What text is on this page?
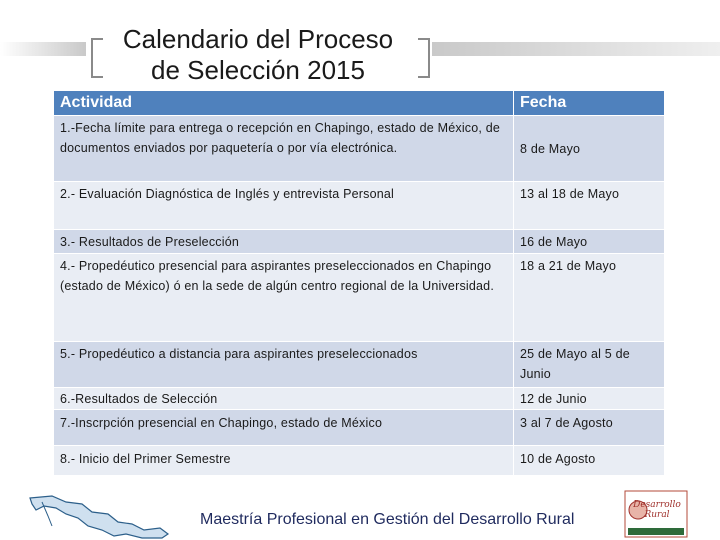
Calendario del Proceso
de Selección 2015
Actividad	Fecha
1.-Fecha límite para entrega o recepción en Chapingo, estado de México, de documentos enviados por paquetería o por vía electrónica.	8 de Mayo
2.- Evaluación Diagnóstica de Inglés y entrevista Personal	13 al 18 de Mayo
3.- Resultados de Preselección	16 de Mayo
4.- Propedéutico presencial para aspirantes preseleccionados en Chapingo (estado de México) ó en la sede de algún centro regional de la Universidad.	18 a 21 de Mayo
5.- Propedéutico a distancia para aspirantes preseleccionados	25 de Mayo al 5 de Junio
6.-Resultados de Selección	12 de Junio
7.-Inscrpción presencial en Chapingo, estado de México	3 al 7 de Agosto
8.- Inicio del Primer Semestre	10 de Agosto
Maestría Profesional en Gestión del Desarrollo Rural
Desarrollo Rural
